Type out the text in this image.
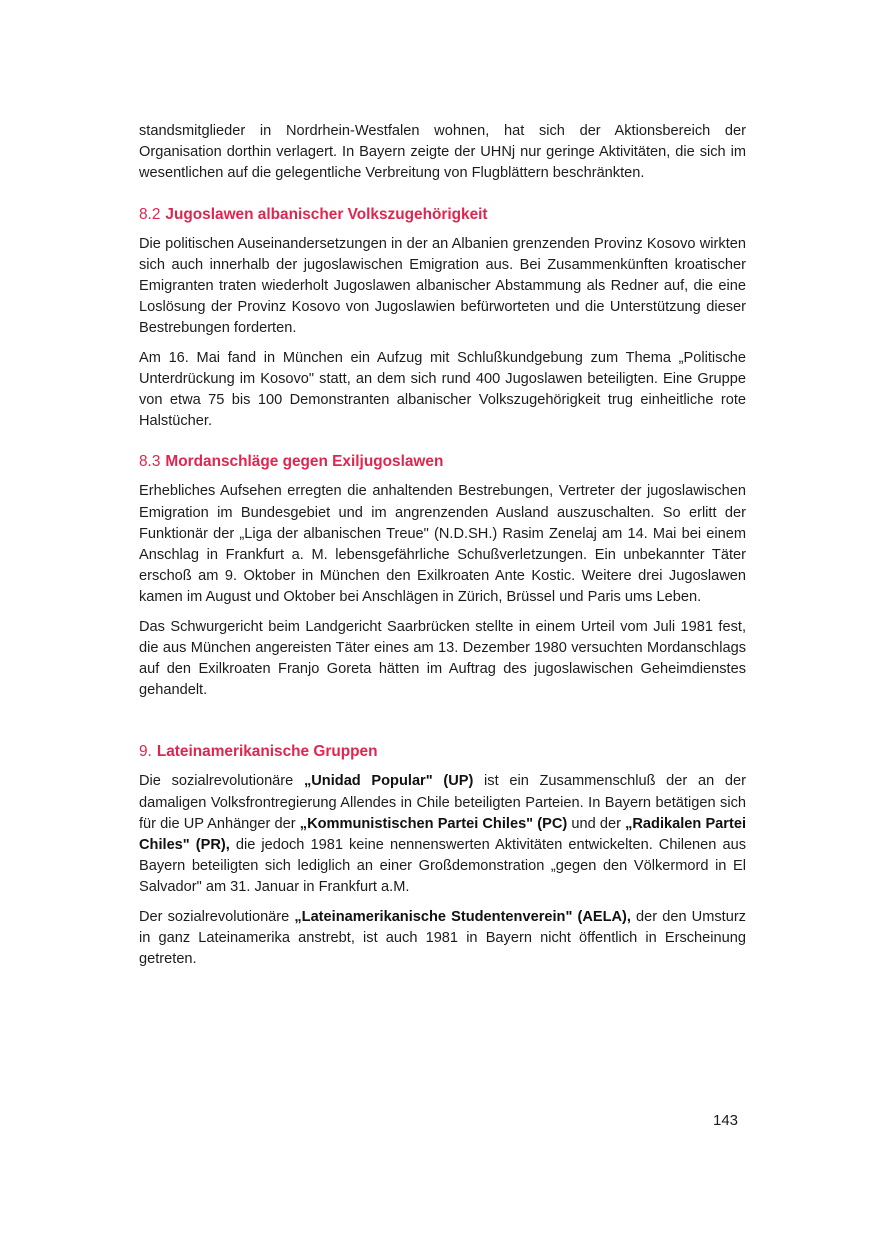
standsmitglieder in Nordrhein-Westfalen wohnen, hat sich der Aktionsbereich der Organisation dorthin verlagert. In Bayern zeigte der UHNj nur geringe Aktivitäten, die sich im wesentlichen auf die gelegentliche Verbreitung von Flugblättern beschränkten.

8.2 Jugoslawen albanischer Volkszugehörigkeit

Die politischen Auseinandersetzungen in der an Albanien grenzenden Provinz Kosovo wirkten sich auch innerhalb der jugoslawischen Emigration aus. Bei Zusammenkünften kroatischer Emigranten traten wiederholt Jugoslawen albanischer Abstammung als Redner auf, die eine Loslösung der Provinz Kosovo von Jugoslawien befürworteten und die Unterstützung dieser Bestrebungen forderten.

Am 16. Mai fand in München ein Aufzug mit Schlußkundgebung zum Thema „Politische Unterdrückung im Kosovo" statt, an dem sich rund 400 Jugoslawen beteiligten. Eine Gruppe von etwa 75 bis 100 Demonstranten albanischer Volkszugehörigkeit trug einheitliche rote Halstücher.

8.3 Mordanschläge gegen Exiljugoslawen

Erhebliches Aufsehen erregten die anhaltenden Bestrebungen, Vertreter der jugoslawischen Emigration im Bundesgebiet und im angrenzenden Ausland auszuschalten. So erlitt der Funktionär der „Liga der albanischen Treue" (N.D.SH.) Rasim Zenelaj am 14. Mai bei einem Anschlag in Frankfurt a. M. lebensgefährliche Schußverletzungen. Ein unbekannter Täter erschoß am 9. Oktober in München den Exilkroaten Ante Kostic. Weitere drei Jugoslawen kamen im August und Oktober bei Anschlägen in Zürich, Brüssel und Paris ums Leben.

Das Schwurgericht beim Landgericht Saarbrücken stellte in einem Urteil vom Juli 1981 fest, die aus München angereisten Täter eines am 13. Dezember 1980 versuchten Mordanschlags auf den Exilkroaten Franjo Goreta hätten im Auftrag des jugoslawischen Geheimdienstes gehandelt.

9. Lateinamerikanische Gruppen

Die sozialrevolutionäre „Unidad Popular" (UP) ist ein Zusammenschluß der an der damaligen Volksfrontregierung Allendes in Chile beteiligten Parteien. In Bayern betätigen sich für die UP Anhänger der „Kommunistischen Partei Chiles" (PC) und der „Radikalen Partei Chiles" (PR), die jedoch 1981 keine nennenswerten Aktivitäten entwickelten. Chilenen aus Bayern beteiligten sich lediglich an einer Großdemonstration „gegen den Völkermord in El Salvador" am 31. Januar in Frankfurt a.M.

Der sozialrevolutionäre „Lateinamerikanische Studentenverein" (AELA), der den Umsturz in ganz Lateinamerika anstrebt, ist auch 1981 in Bayern nicht öffentlich in Erscheinung getreten.

143
